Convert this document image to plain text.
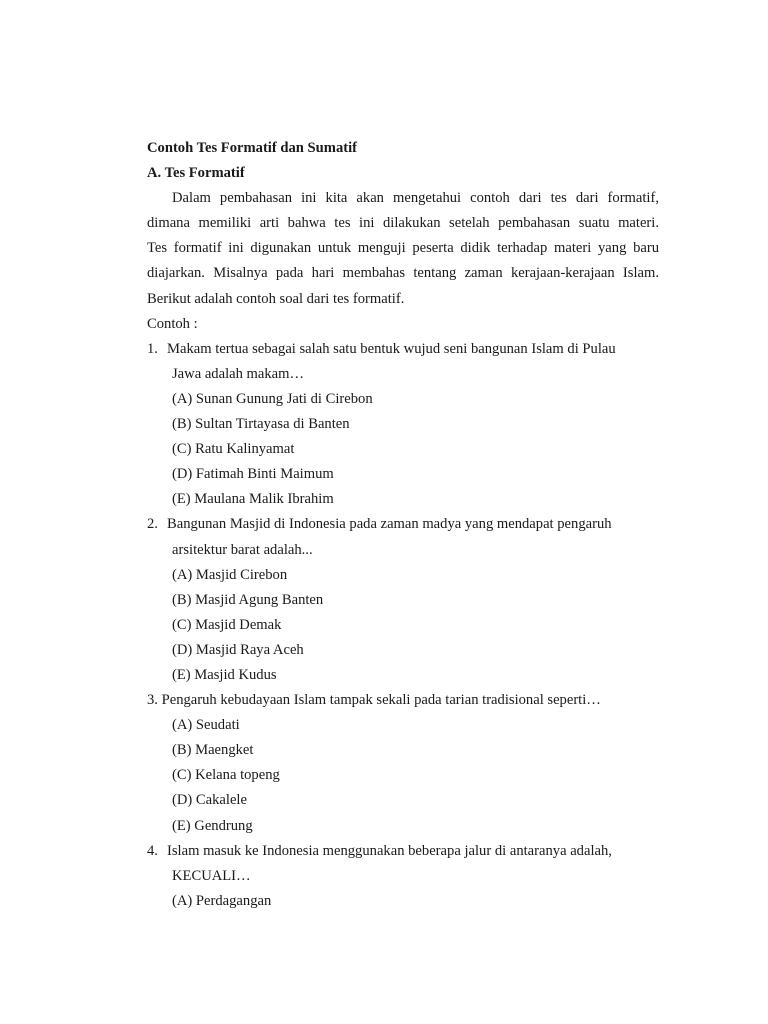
Contoh Tes Formatif dan Sumatif
A. Tes Formatif
Dalam pembahasan ini kita akan mengetahui contoh dari tes dari formatif,
dimana memiliki arti bahwa tes ini dilakukan setelah pembahasan suatu materi.
Tes formatif ini digunakan untuk menguji peserta didik terhadap materi yang baru
diajarkan. Misalnya pada hari membahas tentang zaman kerajaan-kerajaan Islam.
Berikut adalah contoh soal dari tes formatif.
Contoh :
1. Makam tertua sebagai salah satu bentuk wujud seni bangunan Islam di Pulau
Jawa adalah makam…
(A) Sunan Gunung Jati di Cirebon
(B) Sultan Tirtayasa di Banten
(C) Ratu Kalinyamat
(D) Fatimah Binti Maimum
(E) Maulana Malik Ibrahim
2. Bangunan Masjid di Indonesia pada zaman madya yang mendapat pengaruh
arsitektur barat adalah...
(A) Masjid Cirebon
(B) Masjid Agung Banten
(C) Masjid Demak
(D) Masjid Raya Aceh
(E) Masjid Kudus
3. Pengaruh kebudayaan Islam tampak sekali pada tarian tradisional seperti…
(A) Seudati
(B) Maengket
(C) Kelana topeng
(D) Cakalele
(E) Gendrung
4. Islam masuk ke Indonesia menggunakan beberapa jalur di antaranya adalah,
KECUALI…
(A) Perdagangan
